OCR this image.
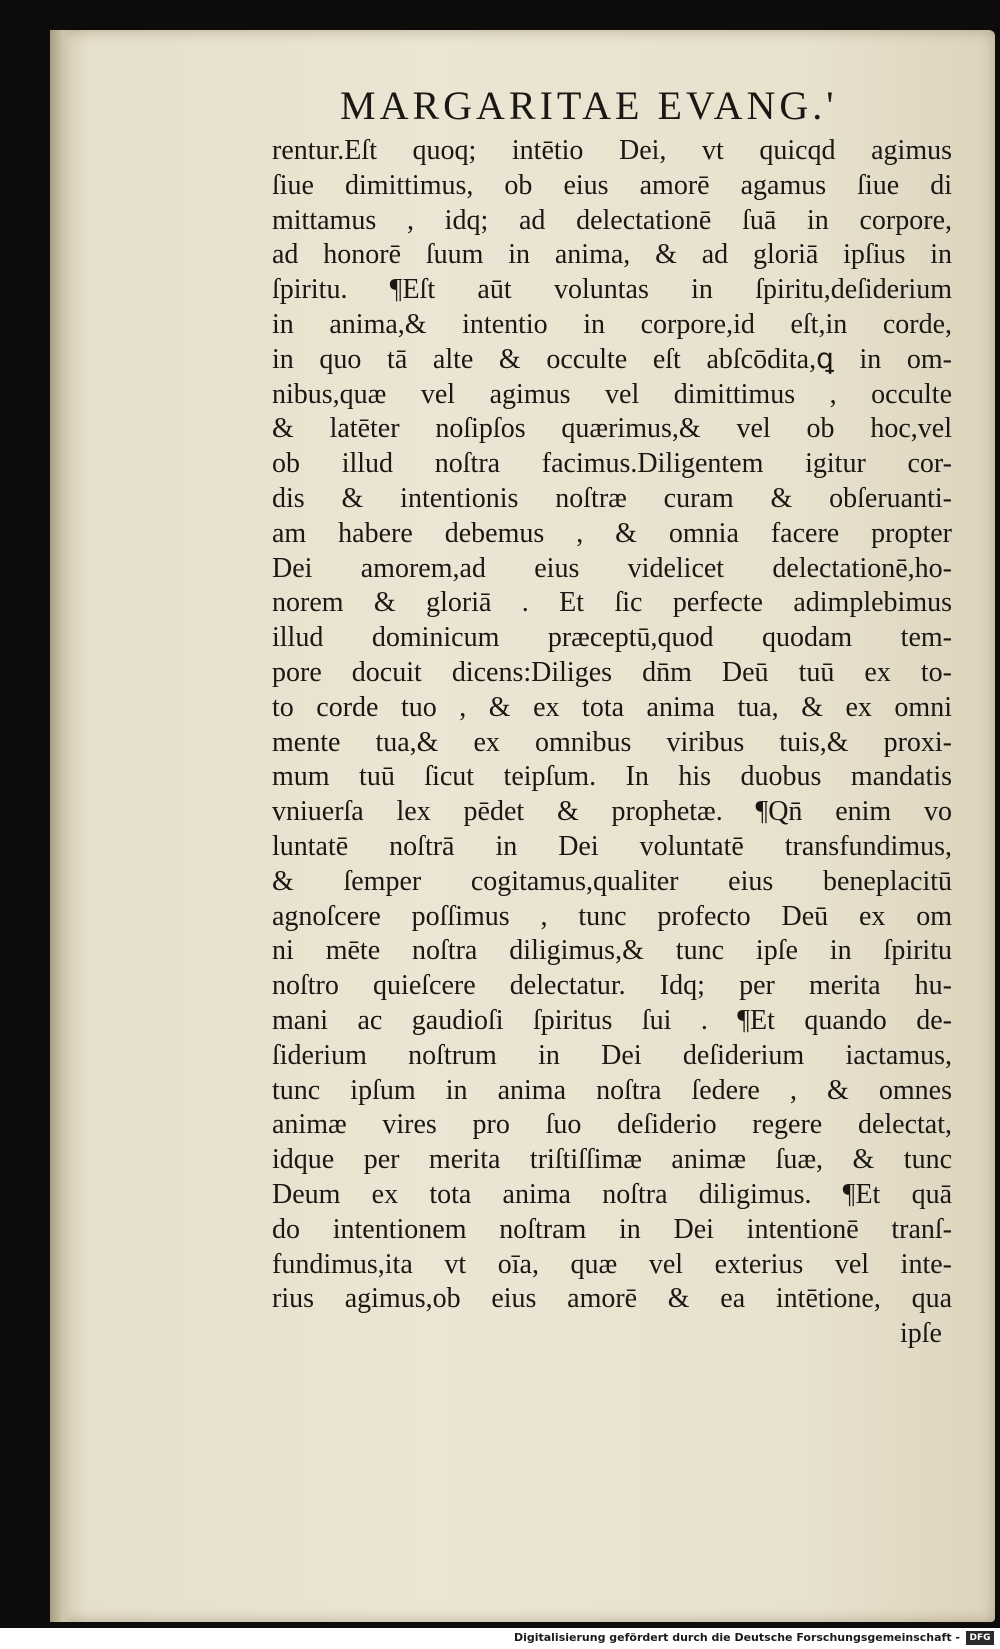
MARGARITAE EVANG.'
rentur.Eſt quoq; intētio Dei, vt quicqd agimus
ſiue dimittimus, ob eius amorē agamus ſiue di
mittamus , idq; ad delectationē ſuā in corpore,
ad honorē ſuum in anima, & ad gloriā ipſius in
ſpiritu. ¶Eſt aūt voluntas in ſpiritu,deſiderium
in anima,& intentio in corpore,id eſt,in corde,
in quo tā alte & occulte eſt abſcōdita,ꝗ in om-
nibus,quæ vel agimus vel dimittimus , occulte
& latēter noſipſos quærimus,& vel ob hoc,vel
ob illud noſtra facimus.Diligentem igitur cor-
dis & intentionis noſtræ curam & obſeruanti-
am habere debemus , & omnia facere propter
Dei amorem,ad eius videlicet delectationē,ho-
norem & gloriā . Et ſic perfecte adimplebimus
illud dominicum præceptū,quod quodam tem-
pore docuit dicens:Diliges dn̄m Deū tuū ex to-
to corde tuo , & ex tota anima tua, & ex omni
mente tua,& ex omnibus viribus tuis,& proxi-
mum tuū ſicut teipſum. In his duobus mandatis
vniuerſa lex pēdet & prophetæ. ¶Qn̄ enim vo
luntatē noſtrā in Dei voluntatē transfundimus,
& ſemper cogitamus,qualiter eius beneplacitū
agnoſcere poſſimus , tunc profecto Deū ex om
ni mēte noſtra diligimus,& tunc ipſe in ſpiritu
noſtro quieſcere delectatur. Idq; per merita hu-
mani ac gaudioſi ſpiritus ſui . ¶Et quando de-
ſiderium noſtrum in Dei deſiderium iactamus,
tunc ipſum in anima noſtra ſedere , & omnes
animæ vires pro ſuo deſiderio regere delectat,
idque per merita triſtiſſimæ animæ ſuæ, & tunc
Deum ex tota anima noſtra diligimus. ¶Et quā
do intentionem noſtram in Dei intentionē tranſ-
fundimus,ita vt oīa, quæ vel exterius vel inte-
rius agimus,ob eius amorē & ea intētione, qua
ipſe
Digitalisierung gefördert durch die Deutsche Forschungsgemeinschaft -	DFG
